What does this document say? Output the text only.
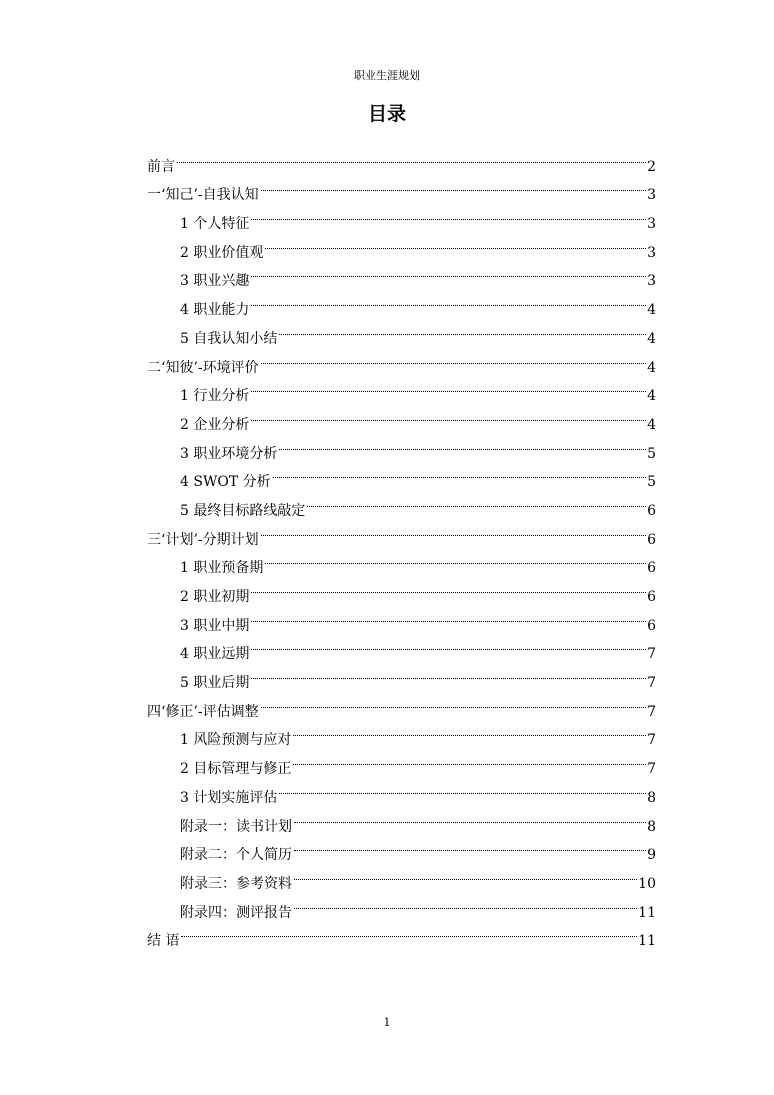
职业生涯规划
目录
前言	2
一‘知己’-自我认知	3
1 个人特征	3
2 职业价值观	3
3 职业兴趣	3
4 职业能力	4
5 自我认知小结	4
二‘知彼’-环境评价	4
1 行业分析	4
2 企业分析	4
3 职业环境分析	5
4 SWOT 分析	5
5 最终目标路线敲定	6
三‘计划’-分期计划	6
1 职业预备期	6
2 职业初期	6
3 职业中期	6
4 职业远期	7
5 职业后期	7
四‘修正’-评估调整	7
1 风险预测与应对	7
2 目标管理与修正	7
3 计划实施评估	8
附录一：读书计划	8
附录二：个人简历	9
附录三：参考资料	10
附录四：测评报告	11
结 语	11
1
